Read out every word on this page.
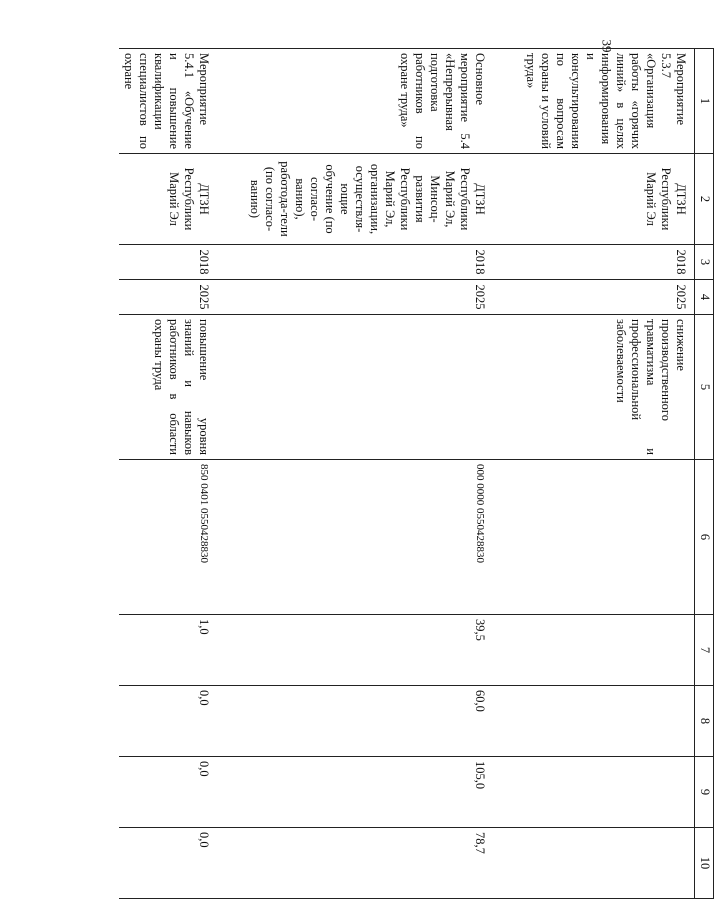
39
1	2	3	4	5	6	7	8	9	10
Мероприятие 5.3.7 «Организация работы «горячих линий» в целях информирования и консультирования по вопросам охраны и условий труда»	ДТЗН Республики Марий Эл	2018	2025	снижение производственного травматизма и профессиональной заболеваемости					

Основное мероприятие 5.4 «Непрерывная подготовка работников по охране труда»	ДТЗН Республики Марий Эл, Минсоц-развития Республики Марий Эл, организации, осуществля-ющие обучение (по согласо-ванию), работода-тели (по согласо-ванию)	2018	2025		000 0000 0550428830	39,5	60,0	105,0	78,7

Мероприятие 5.4.1 «Обучение и повышение квалификации специалистов по охране	ДТЗН Республики Марий Эл	2018	2025	повышение уровня знаний и навыков работников в области охраны труда	850 0401 0550428830	1,0	0,0	0,0	0,0
